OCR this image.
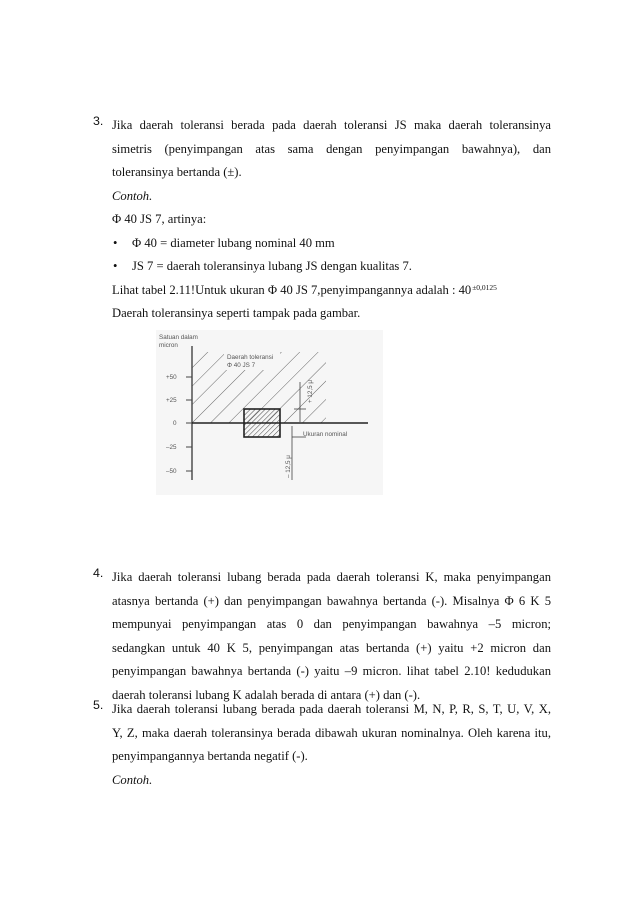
3. Jika daerah toleransi berada pada daerah toleransi JS maka daerah toleransinya
simetris (penyimpangan atas sama dengan penyimpangan bawahnya), dan
toleransinya bertanda (±).
Contoh.
Φ 40 JS 7, artinya:
• Φ 40 = diameter lubang nominal 40 mm
• JS 7 = daerah toleransinya lubang JS dengan kualitas 7.
Lihat tabel 2.11!Untuk ukuran Φ 40 JS 7,penyimpangannya adalah : $40^{\pm 0,0125}$
Daerah toleransinya seperti tampak pada gambar.
Satuan dalam
micron
Daerah toleransi
Φ 40 JS 7
Ukuran nominal
+ 12,5 μ
– 12,5 μ
+50
+25
0
–25
–50
4. Jika daerah toleransi lubang berada pada daerah toleransi K, maka penyimpangan
atasnya bertanda (+) dan penyimpangan bawahnya bertanda (-). Misalnya Φ 6 K 5
mempunyai penyimpangan atas 0 dan penyimpangan bawahnya –5 micron;
sedangkan untuk 40 K 5, penyimpangan atas bertanda (+) yaitu +2 micron dan
penyimpangan bawahnya bertanda (-) yaitu –9 micron. lihat tabel 2.10! kedudukan
daerah toleransi lubang K adalah berada di antara (+) dan (-).
5. Jika daerah toleransi lubang berada pada daerah toleransi M, N, P, R, S, T, U, V, X,
Y, Z, maka daerah toleransinya berada dibawah ukuran nominalnya. Oleh karena itu,
penyimpangannya bertanda negatif (-).
Contoh.
